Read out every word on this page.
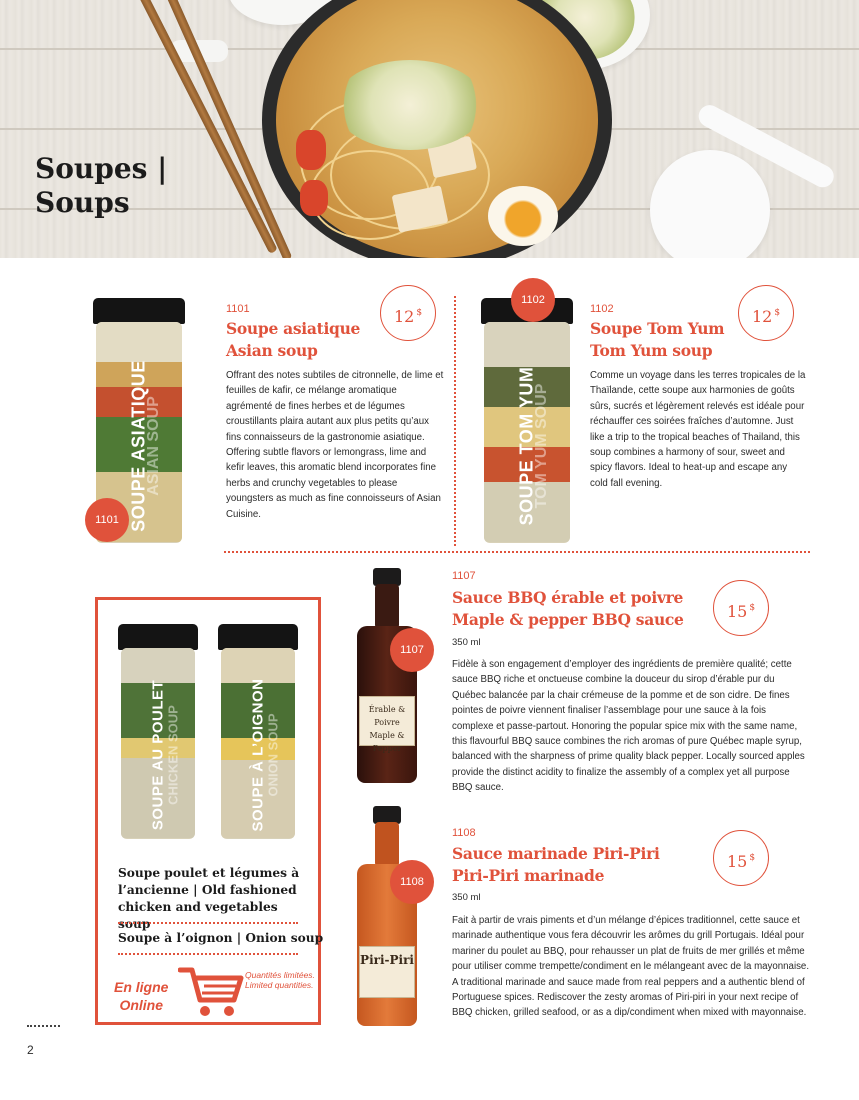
Soupes |
Soups
SOUPE ASIATIQUE
ASIAN SOUP
1101
1101
Soupe asiatique
Asian soup
12 $
Offrant des notes subtiles de citronnelle, de lime et feuilles de kafir, ce mélange aromatique agrémenté de fines herbes et de légumes croustillants plaira autant aux plus petits qu’aux fins connaisseurs de la gastronomie asiatique. Offering subtle flavors or lemongrass, lime and kefir leaves, this aromatic blend incorporates fine herbs and crunchy vegetables to please youngsters as much as fine connoisseurs of Asian Cuisine.	SOUPE TOM YUM
TOM YUM SOUP
1102
1102
Soupe Tom Yum
Tom Yum soup
12 $
Comme un voyage dans les terres tropicales de la Thaïlande, cette soupe aux harmonies de goûts sûrs, sucrés et légèrement relevés est idéale pour réchauffer ces soirées fraîches d’automne. Just like a trip to the tropical beaches of Thailand, this soup combines a harmony of sour, sweet and spicy flavors. Ideal to heat-up and escape any cold fall evening.
SOUPE AU POULET
CHICKEN SOUP	SOUPE À L’OIGNON
ONION SOUP
Soupe poulet et légumes à l’ancienne | Old fashioned chicken and vegetables soup
Soupe à l’oignon | Onion soup
En ligne
Online
Quantités limitées.
Limited quantities.
Érable & Poivre
Maple & Pepper
1107
1107
Sauce BBQ érable et poivre
Maple & pepper BBQ sauce	15 $
350 ml
Fidèle à son engagement d’employer des ingrédients de première qualité; cette sauce BBQ riche et onctueuse combine la douceur du sirop d’érable pur du Québec balancée par la chair crémeuse de la pomme et de son cidre. De fines pointes de poivre viennent finaliser l’assemblage pour une sauce à la fois complexe et passe-partout. Honoring the popular spice mix with the same name, this flavourful BBQ sauce combines the rich aromas of pure Québec maple syrup, balanced with the sharpness of prime quality black pepper. Locally sourced apples provide the distinct acidity to finalize the assembly of a complex yet all purpose BBQ sauce.
Piri-Piri
1108
1108
Sauce marinade Piri-Piri
Piri-Piri marinade
15 $
350 ml
Fait à partir de vrais piments et d’un mélange d’épices traditionnel, cette sauce et marinade authentique vous fera découvrir les arômes du grill Portugais. Idéal pour mariner du poulet au BBQ, pour rehausser un plat de fruits de mer grillés et même pour utiliser comme trempette/condiment en le mélangeant avec de la mayonnaise. A traditional marinade and sauce made from real peppers and a authentic blend of Portuguese spices. Rediscover the zesty aromas of Piri-piri in your next recipe of BBQ chicken, grilled seafood, or as a dip/condiment when mixed with mayonnaise.
2
